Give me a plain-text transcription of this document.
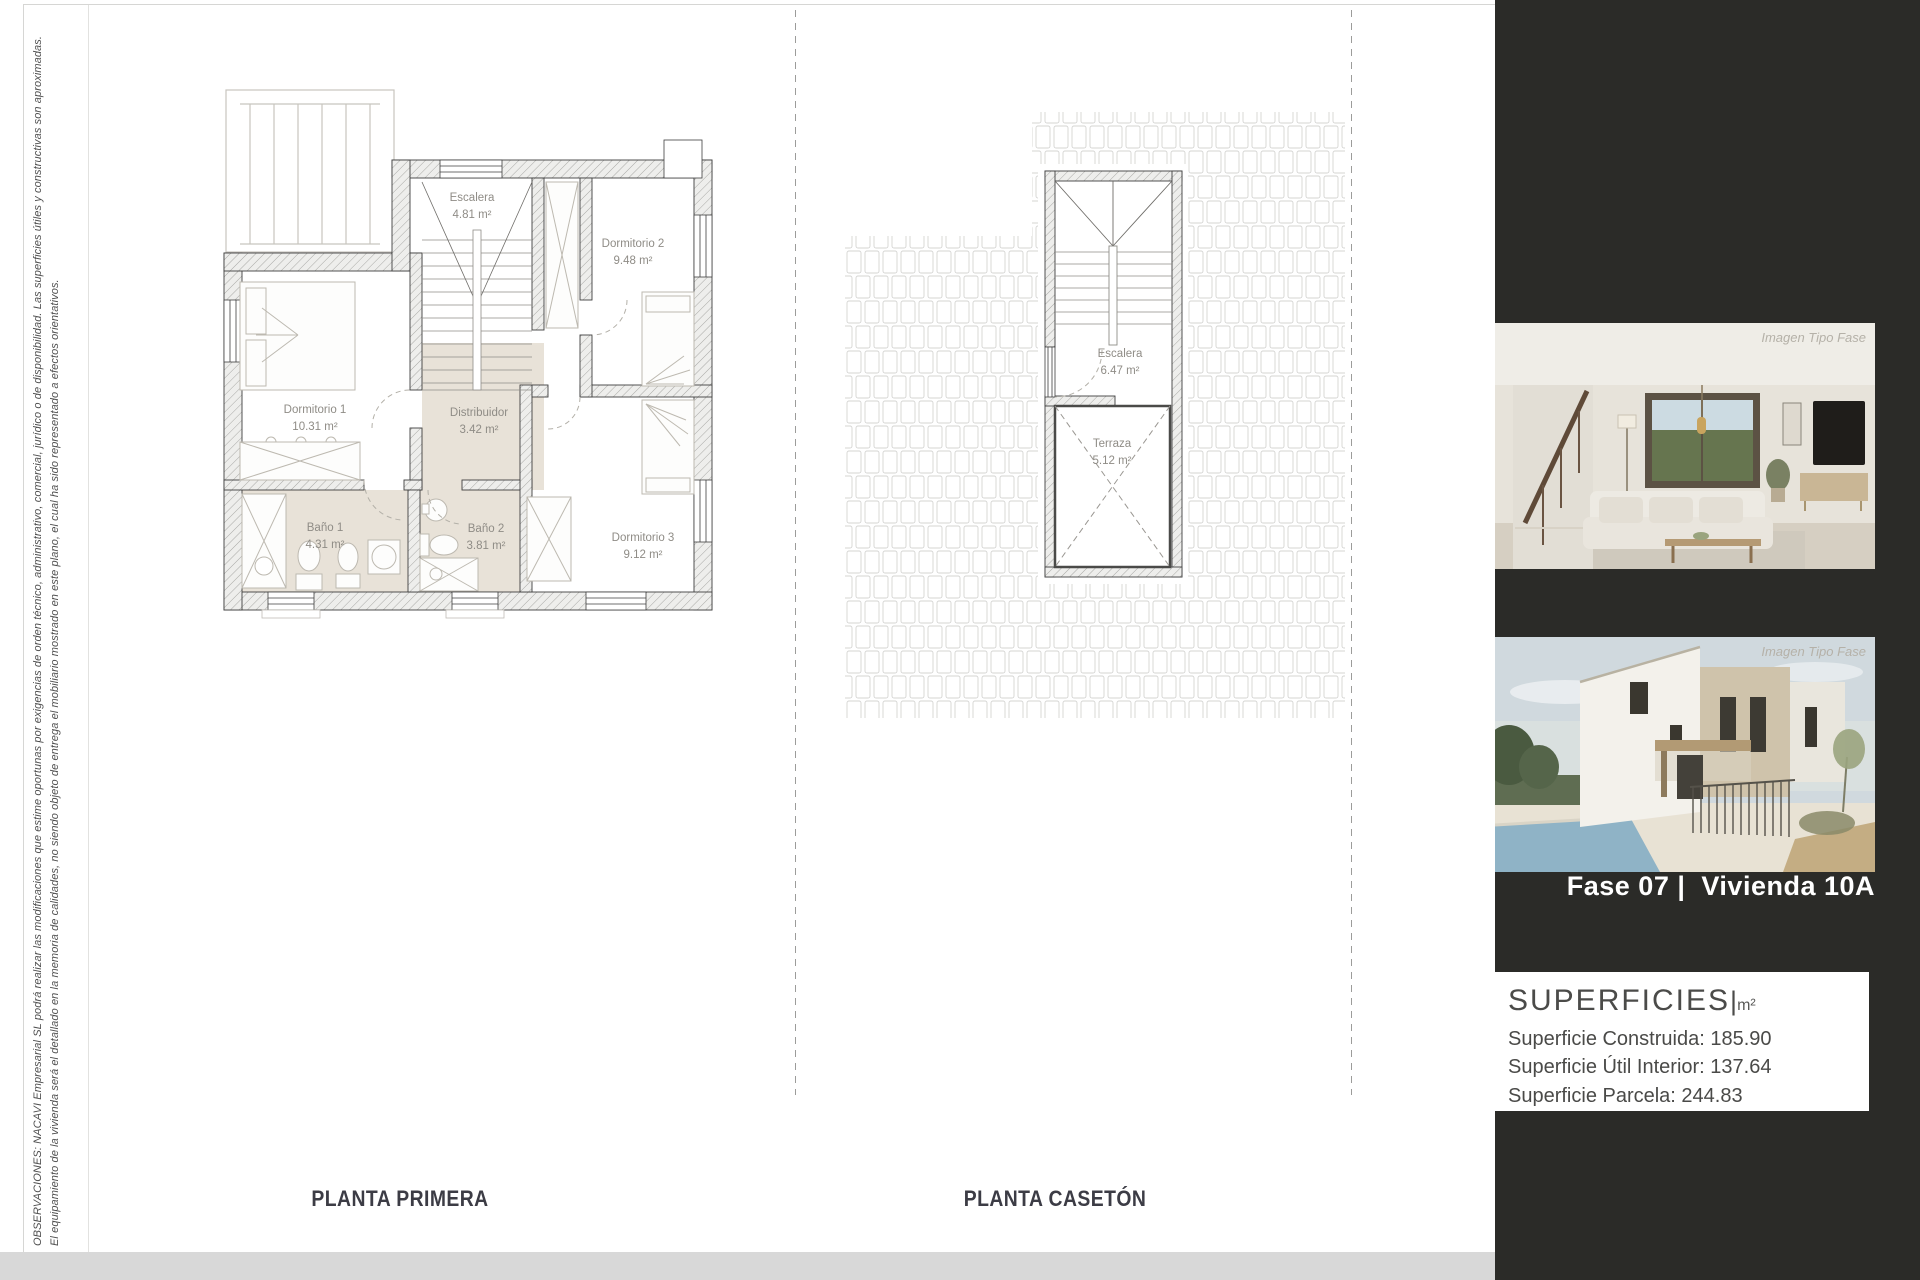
OBSERVACIONES: NACAVI Empresarial SL podrá realizar las modificaciones que estime oportunas por exigencias de orden técnico, administrativo, comercial, jurídico o de disponibilidad. Las superficies útiles y constructivas son aproximadas. El equipamiento de la vivienda será el detallado en la memoria de calidades, no siendo objeto de entrega el mobiliario mostrado en este plano, el cual ha sido representado a efectos orientativos.
Escalera
4.81 m²
Dormitorio 2
9.48 m²
Dormitorio 1
10.31 m²
Distribuidor
3.42 m²
Baño 1
4.31 m²
Baño 2
3.81 m²
Dormitorio 3
9.12 m²
Escalera
6.47 m²
Terraza
5.12 m²
PLANTA PRIMERA	PLANTA CASETÓN
Imagen Tipo Fase
Imagen Tipo Fase
Fase 07 |  Vivienda 10A
SUPERFICIES|m²
Superficie Construida: 185.90
Superficie Útil Interior: 137.64
Superficie Parcela: 244.83
